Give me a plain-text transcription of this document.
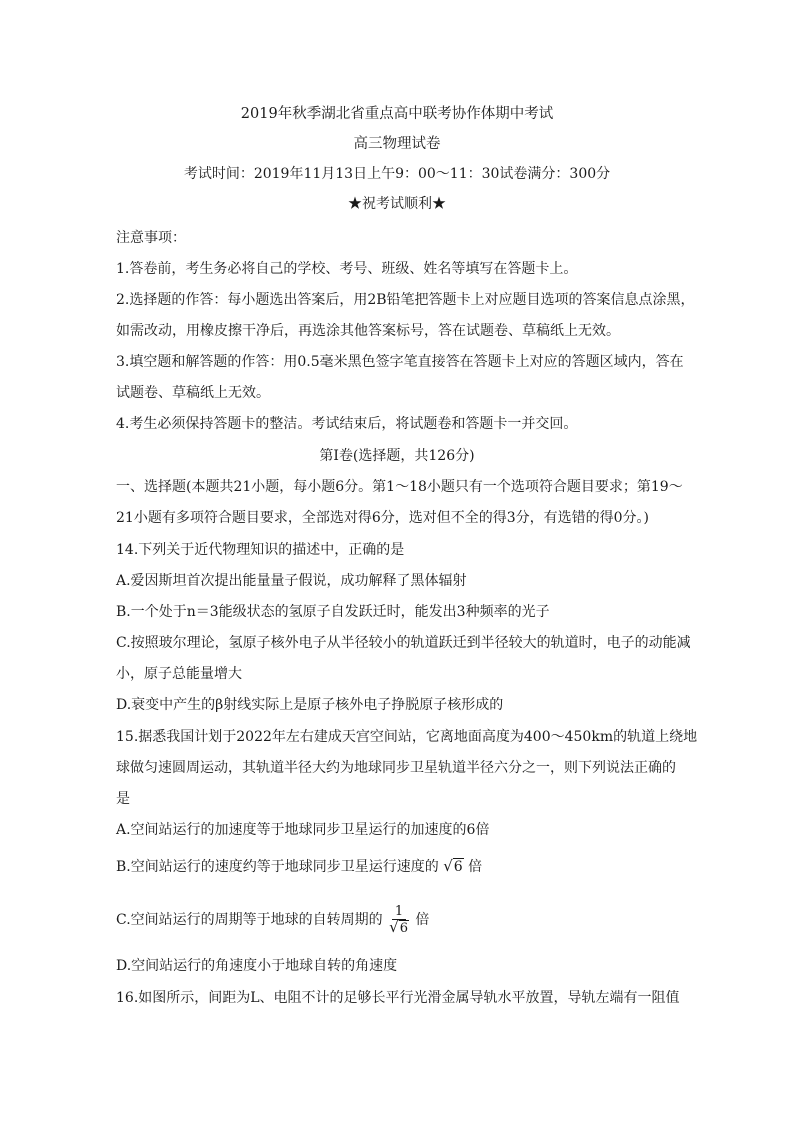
2019年秋季湖北省重点高中联考协作体期中考试
高三物理试卷
考试时间：2019年11月13日上午9：00～11：30试卷满分：300分
★祝考试顺利★
注意事项：
1.答卷前，考生务必将自己的学校、考号、班级、姓名等填写在答题卡上。
2.选择题的作答：每小题选出答案后，用2B铅笔把答题卡上对应题目选项的答案信息点涂黑，
如需改动，用橡皮擦干净后，再选涂其他答案标号，答在试题卷、草稿纸上无效。
3.填空题和解答题的作答：用0.5毫米黑色签字笔直接答在答题卡上对应的答题区域内，答在
试题卷、草稿纸上无效。
4.考生必须保持答题卡的整洁。考试结束后，将试题卷和答题卡一并交回。
第Ⅰ卷(选择题，共126分)
一、选择题(本题共21小题，每小题6分。第1～18小题只有一个选项符合题目要求；第19～
21小题有多项符合题目要求，全部选对得6分，选对但不全的得3分，有选错的得0分。)
14.下列关于近代物理知识的描述中，正确的是
A.爱因斯坦首次提出能量量子假说，成功解释了黑体辐射
B.一个处于n＝3能级状态的氢原子自发跃迁时，能发出3种频率的光子
C.按照玻尔理论，氢原子核外电子从半径较小的轨道跃迁到半径较大的轨道时，电子的动能减
小，原子总能量增大
D.衰变中产生的β射线实际上是原子核外电子挣脱原子核形成的
15.据悉我国计划于2022年左右建成天宫空间站，它离地面高度为400～450km的轨道上绕地
球做匀速圆周运动，其轨道半径大约为地球同步卫星轨道半径六分之一，则下列说法正确的
是
A.空间站运行的加速度等于地球同步卫星运行的加速度的6倍
B.空间站运行的速度约等于地球同步卫星运行速度的 √6 倍
C.空间站运行的周期等于地球的自转周期的 $\frac{1}{√6}$ 倍
D.空间站运行的角速度小于地球自转的角速度
16.如图所示，间距为L、电阻不计的足够长平行光滑金属导轨水平放置，导轨左端有一阻值
